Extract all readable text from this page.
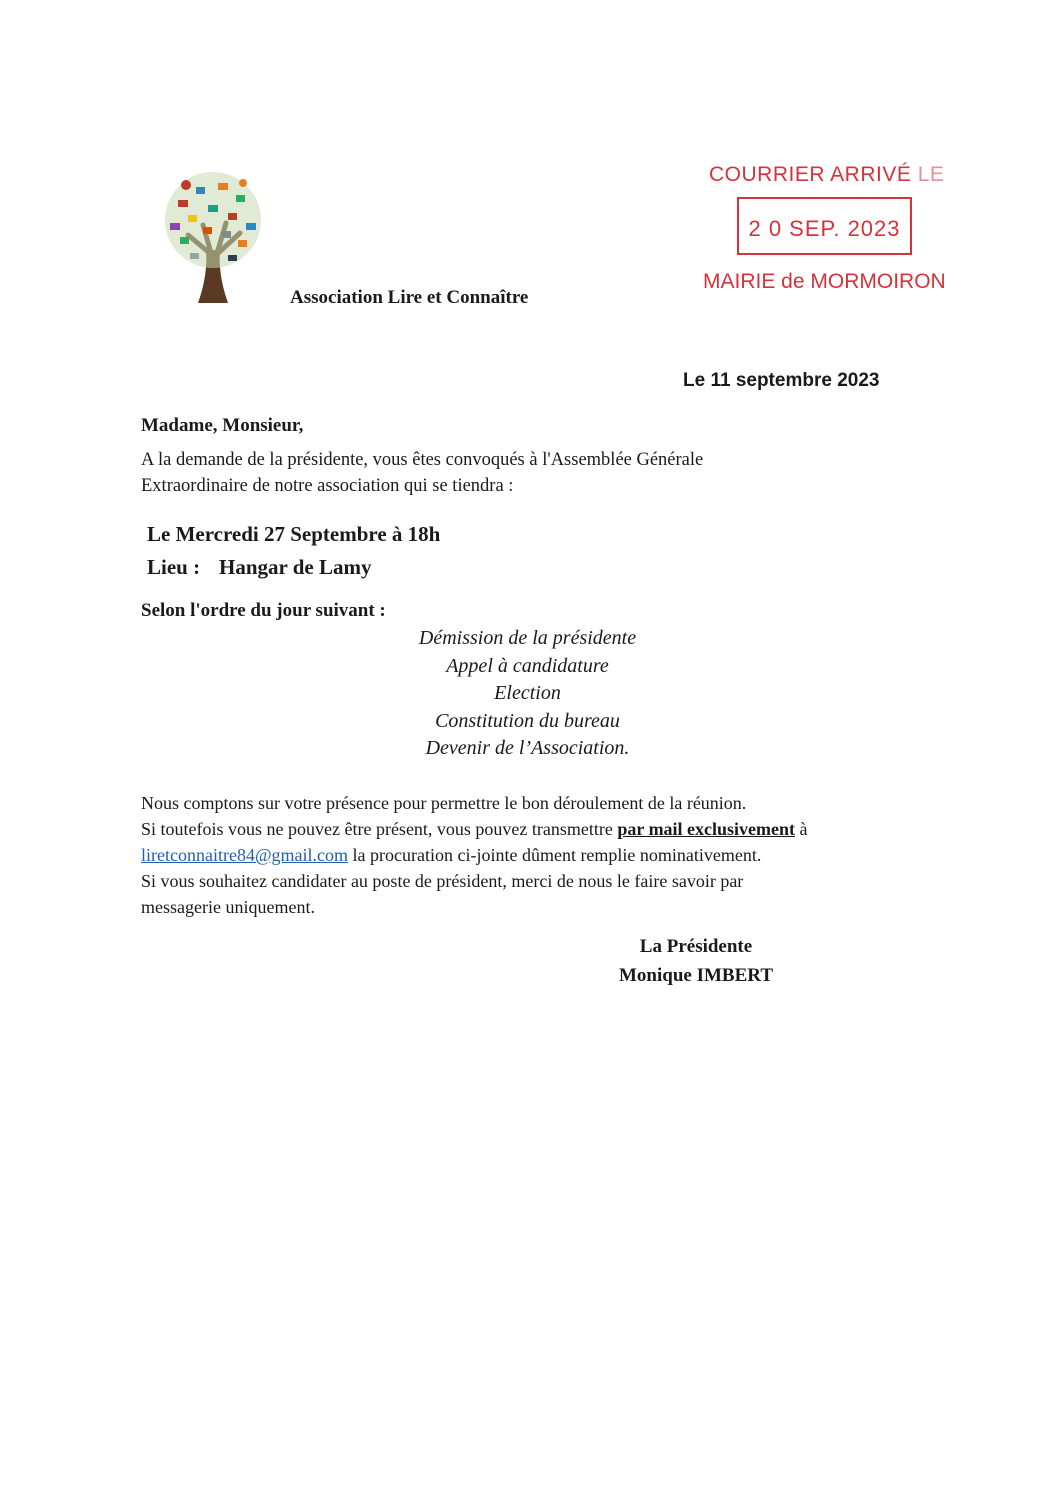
Association Lire et Connaître
COURRIER ARRIVÉ LE
2 0 SEP. 2023
MAIRIE de MORMOIRON
Le 11 septembre 2023
Madame, Monsieur,
A la demande de la présidente, vous êtes convoqués à l'Assemblée Générale
Extraordinaire de notre association qui se tiendra :
Le Mercredi 27 Septembre à 18h
Lieu : Hangar de Lamy
Selon l'ordre du jour suivant :
Démission de la présidente
Appel à candidature
Election
Constitution du bureau
Devenir de l’Association.
Nous comptons sur votre présence pour permettre le bon déroulement de la réunion.
Si toutefois vous ne pouvez être présent, vous pouvez transmettre par mail exclusivement à
liretconnaitre84@gmail.com la procuration ci-jointe dûment remplie nominativement.
Si vous souhaitez candidater au poste de président, merci de nous le faire savoir par
messagerie uniquement.
La Présidente
Monique IMBERT
